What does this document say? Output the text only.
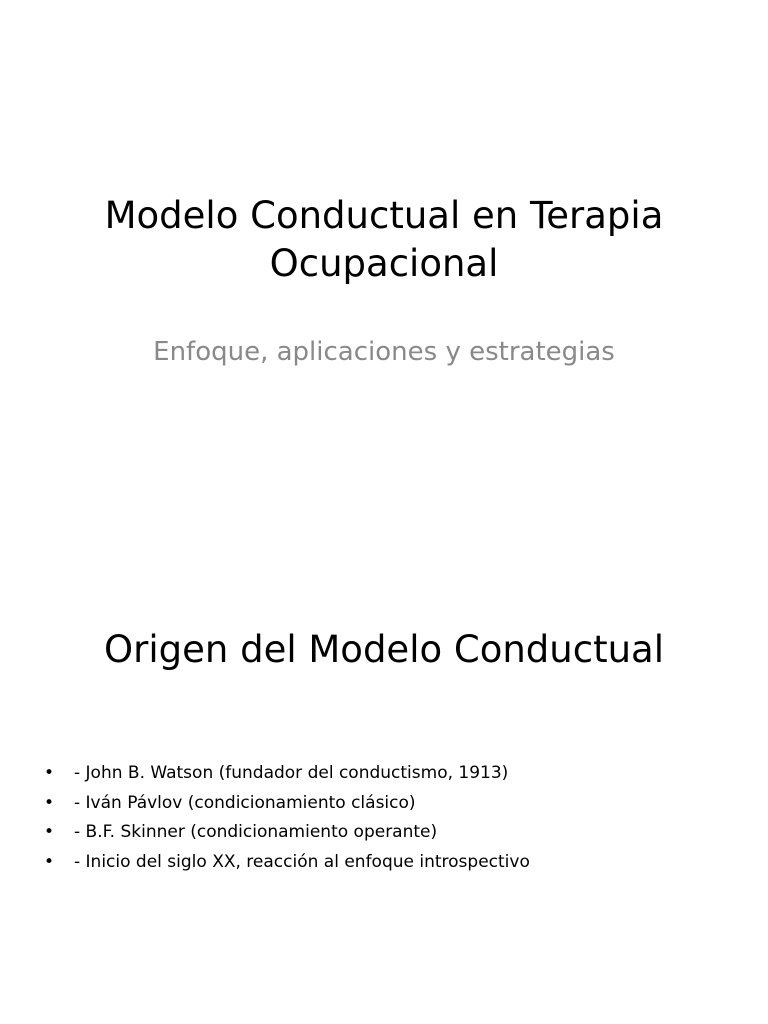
Modelo Conductual en Terapia Ocupacional

Enfoque, aplicaciones y estrategias

Origen del Modelo Conductual
•	- John B. Watson (fundador del conductismo, 1913)
•	- Iván Pávlov (condicionamiento clásico)
•	- B.F. Skinner (condicionamiento operante)
•	- Inicio del siglo XX, reacción al enfoque introspectivo
